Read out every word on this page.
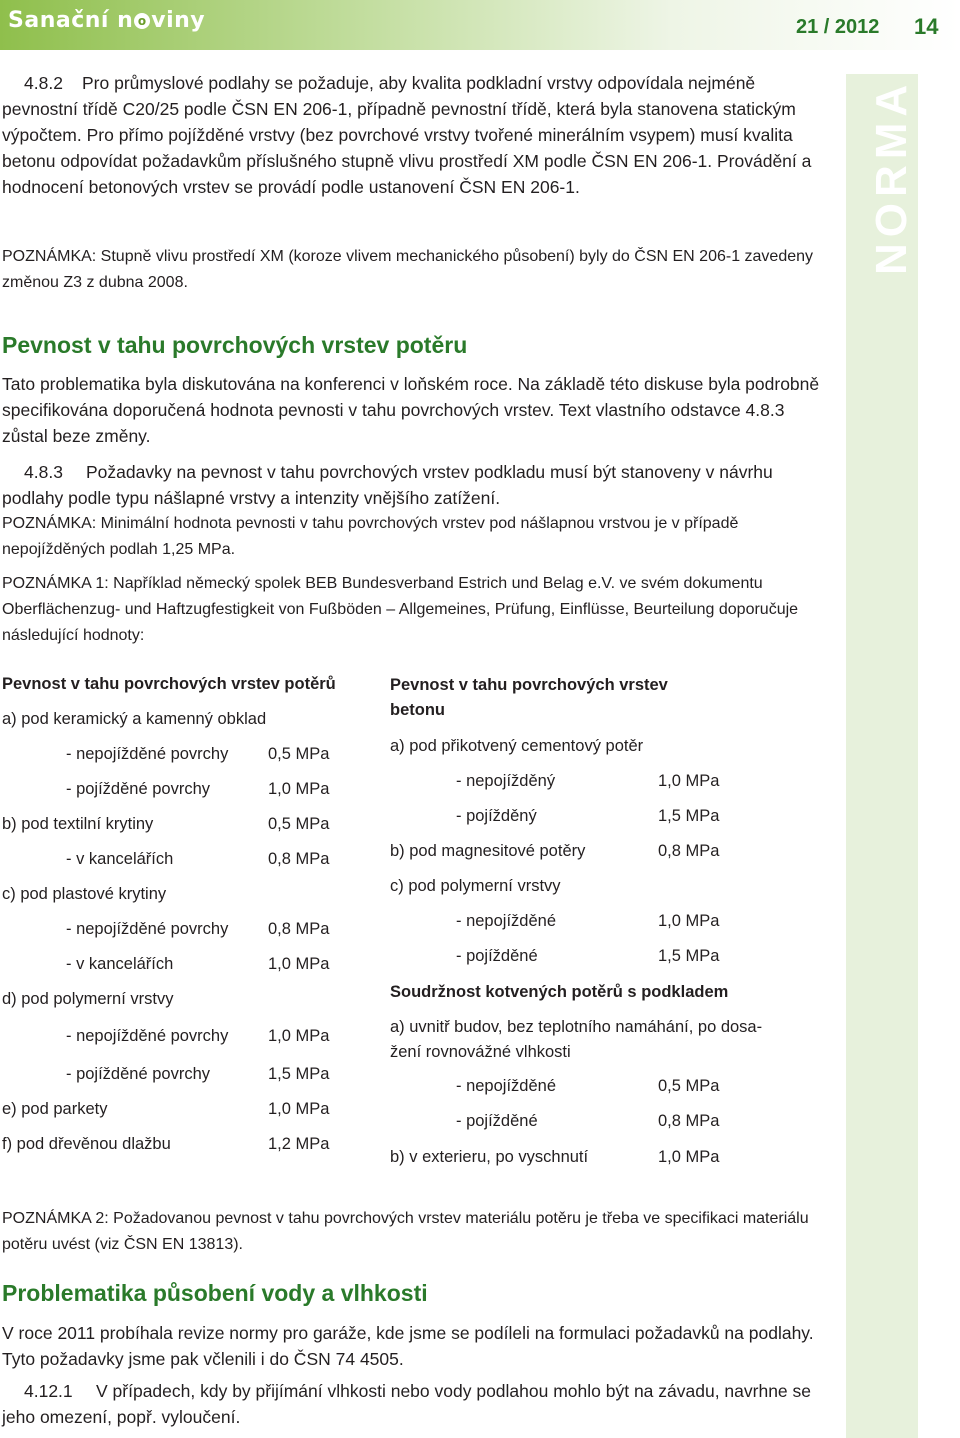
Sanační n o viny	21 / 2012 14
NORMA
4.8.2 Pro průmyslové podlahy se požaduje, aby kvalita podkladní vrstvy odpovídala nejméně pevnostní třídě C20/25 podle ČSN EN 206-1, případně pevnostní třídě, která byla stanovena statickým výpočtem. Pro přímo pojížděné vrstvy (bez povrchové vrstvy tvořené minerálním vsypem) musí kvalita betonu odpovídat požadavkům příslušného stupně vlivu prostředí XM podle ČSN EN 206-1. Provádění a hodnocení betonových vrstev se provádí podle ustanovení ČSN EN 206-1.
POZNÁMKA: Stupně vlivu prostředí XM (koroze vlivem mechanického působení) byly do ČSN EN 206-1 zavedeny změnou Z3 z dubna 2008.
Pevnost v tahu povrchových vrstev potěru
Tato problematika byla diskutována na konferenci v loňském roce. Na základě této diskuse byla podrobně specifikována doporučená hodnota pevnosti v tahu povrchových vrstev. Text vlastního odstavce 4.8.3 zůstal beze změny.
4.8.3 Požadavky na pevnost v tahu povrchových vrstev podkladu musí být stanoveny v návrhu podlahy podle typu nášlapné vrstvy a intenzity vnějšího zatížení.
POZNÁMKA: Minimální hodnota pevnosti v tahu povrchových vrstev pod nášlapnou vrstvou je v případě nepojížděných podlah 1,25 MPa.
POZNÁMKA 1: Například německý spolek BEB Bundesverband Estrich und Belag e.V. ve svém dokumentu Oberflächenzug- und Haftzugfestigkeit von Fußböden – Allgemeines, Prüfung, Einflüsse, Beurteilung doporučuje následující hodnoty:
Pevnost v tahu povrchových vrstev potěrů
a) pod keramický a kamenný obklad
- nepojížděné povrchy 0,5 MPa
- pojížděné povrchy	1,0 MPa
b) pod textilní krytiny	0,5 MPa
- v kancelářích	0,8 MPa
c) pod plastové krytiny
- nepojížděné povrchy 0,8 MPa
- v kancelářích	1,0 MPa
d) pod polymerní vrstvy
- nepojížděné povrchy 1,0 MPa
- pojížděné povrchy	1,5 MPa
e) pod parkety	1,0 MPa
f) pod dřevěnou dlažbu	1,2 MPa
Pevnost v tahu povrchových vrstev
betonu
a) pod přikotvený cementový potěr
- nepojížděný	1,0 MPa
- pojížděný	1,5 MPa
b) pod magnesitové potěry	0,8 MPa
c) pod polymerní vrstvy
- nepojížděné	1,0 MPa
- pojížděné	1,5 MPa
Soudržnost kotvených potěrů s podkladem
a) uvnitř budov, bez teplotního namáhání, po dosa-
žení rovnovážné vlhkosti
- nepojížděné	0,5 MPa
- pojížděné	0,8 MPa
b) v exterieru, po vyschnutí	1,0 MPa
POZNÁMKA 2: Požadovanou pevnost v tahu povrchových vrstev materiálu potěru je třeba ve specifikaci materiálu potěru uvést (viz ČSN EN 13813).
Problematika působení vody a vlhkosti
V roce 2011 probíhala revize normy pro garáže, kde jsme se podíleli na formulaci požadavků na podlahy. Tyto požadavky jsme pak včlenili i do ČSN 74 4505.
4.12.1 V případech, kdy by přijímání vlhkosti nebo vody podlahou mohlo být na závadu, navrhne se jeho omezení, popř. vyloučení.
